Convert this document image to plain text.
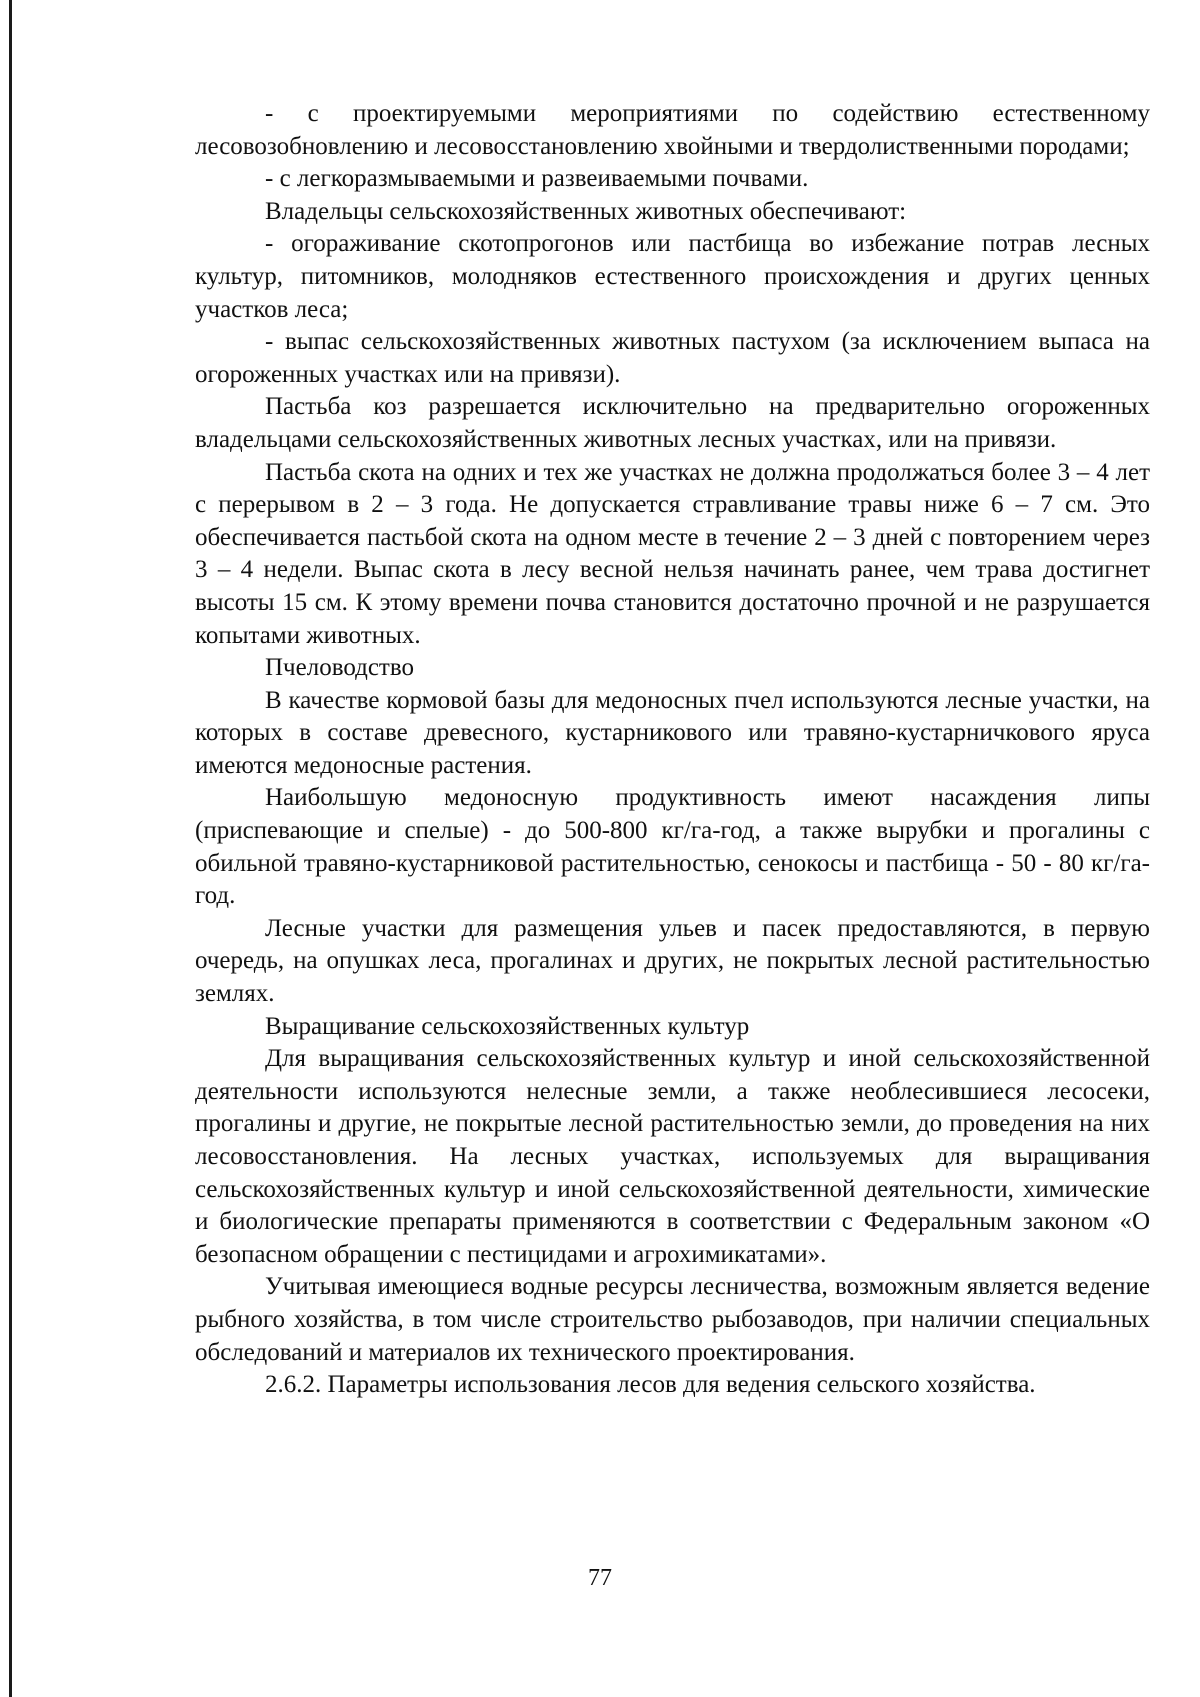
- с проектируемыми мероприятиями по содействию естественному лесовозобновлению и лесовосстановлению хвойными и твердолиственными породами;

- с легкоразмываемыми и развеиваемыми почвами.

Владельцы сельскохозяйственных животных обеспечивают:

- огораживание скотопрогонов или пастбища во избежание потрав лесных культур, питомников, молодняков естественного происхождения и других ценных участков леса;

- выпас сельскохозяйственных животных пастухом (за исключением выпаса на огороженных участках или на привязи).

Пастьба коз разрешается исключительно на предварительно огороженных владельцами сельскохозяйственных животных лесных участках, или на привязи.

Пастьба скота на одних и тех же участках не должна продолжаться более 3 – 4 лет с перерывом в 2 – 3 года. Не допускается стравливание травы ниже 6 – 7 см. Это обеспечивается пастьбой скота на одном месте в течение 2 – 3 дней с повторением через 3 – 4 недели. Выпас скота в лесу весной нельзя начинать ранее, чем трава достигнет высоты 15 см. К этому времени почва становится достаточно прочной и не разрушается копытами животных.

Пчеловодство

В качестве кормовой базы для медоносных пчел используются лесные участки, на которых в составе древесного, кустарникового или травяно-кустарничкового яруса имеются медоносные растения.

Наибольшую медоносную продуктивность имеют насаждения липы (приспевающие и спелые) - до 500-800 кг/га-год, а также вырубки и прогалины с обильной травяно-кустарниковой растительностью, сенокосы и пастбища - 50 - 80 кг/га-год.

Лесные участки для размещения ульев и пасек предоставляются, в первую очередь, на опушках леса, прогалинах и других, не покрытых лесной растительностью землях.

Выращивание сельскохозяйственных культур

Для выращивания сельскохозяйственных культур и иной сельскохозяйственной деятельности используются нелесные земли, а также необлесившиеся лесосеки, прогалины и другие, не покрытые лесной растительностью земли, до проведения на них лесовосстановления. На лесных участках, используемых для выращивания сельскохозяйственных культур и иной сельскохозяйственной деятельности, химические и биологические препараты применяются в соответствии с Федеральным законом «О безопасном обращении с пестицидами и агрохимикатами».

Учитывая имеющиеся водные ресурсы лесничества, возможным является ведение рыбного хозяйства, в том числе строительство рыбозаводов, при наличии специальных обследований и материалов их технического проектирования.

2.6.2. Параметры использования лесов для ведения сельского хозяйства.

77
